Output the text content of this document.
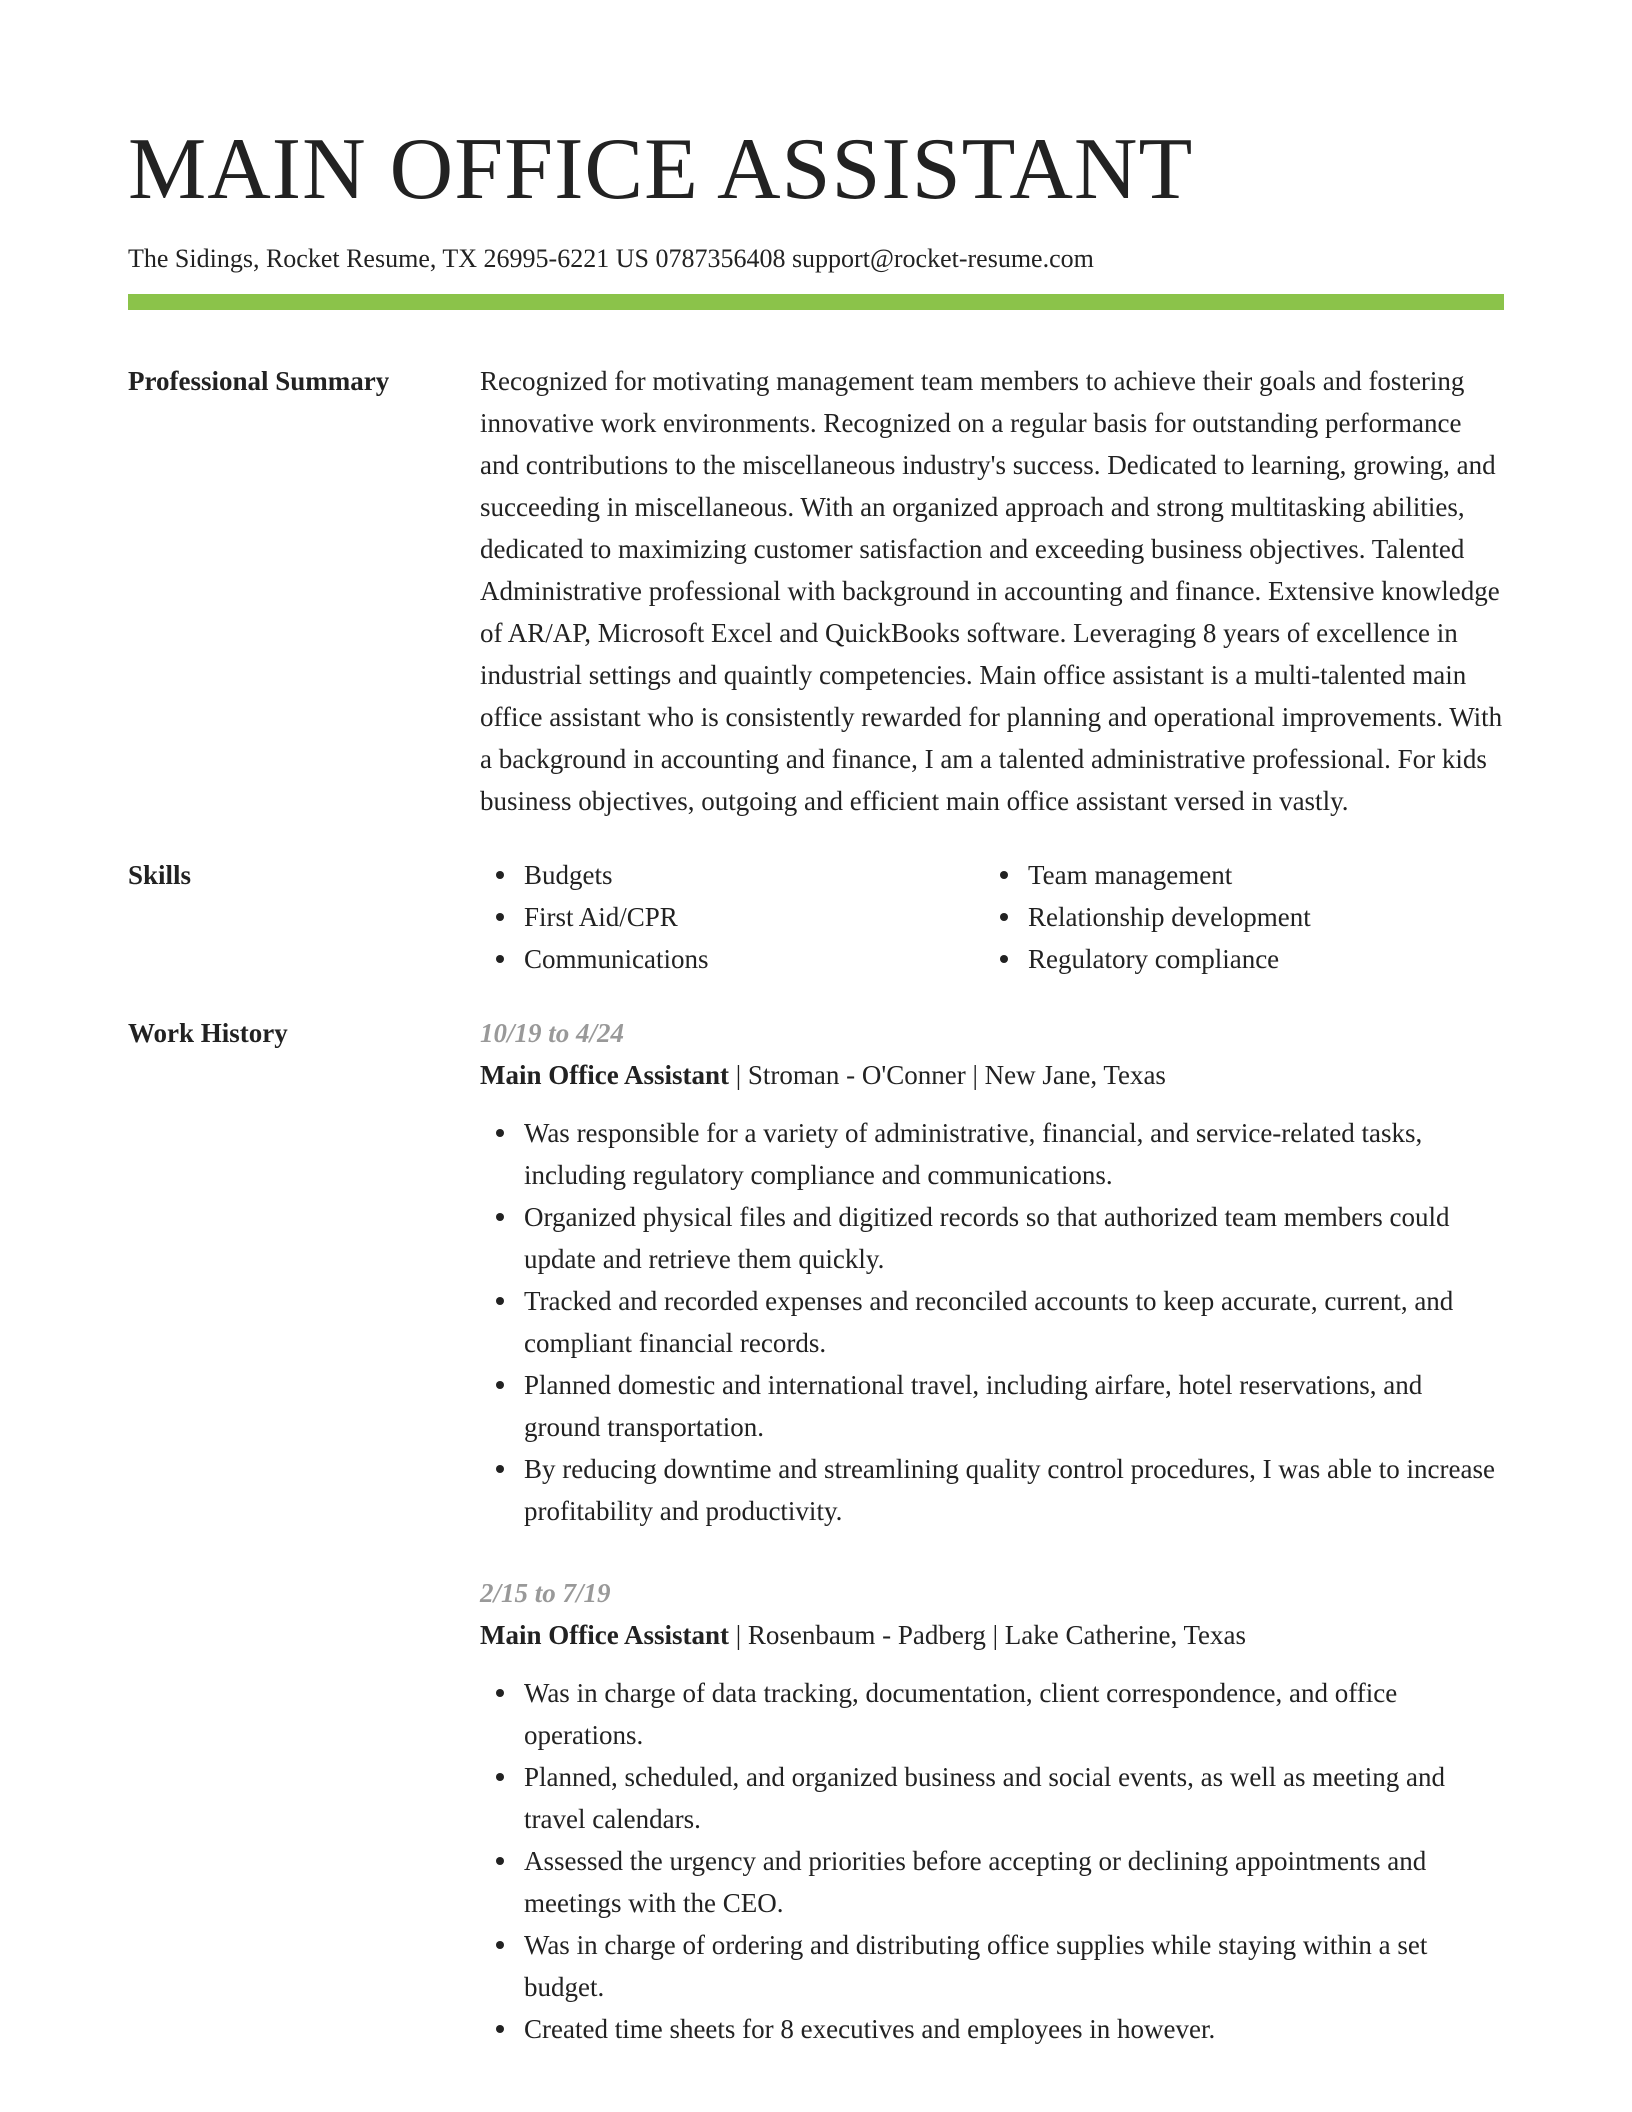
MAIN OFFICE ASSISTANT
The Sidings, Rocket Resume, TX 26995-6221 US 0787356408 support@rocket-resume.com
Professional Summary	Recognized for motivating management team members to achieve their goals and fostering innovative work environments. Recognized on a regular basis for outstanding performance and contributions to the miscellaneous industry's success. Dedicated to learning, growing, and succeeding in miscellaneous. With an organized approach and strong multitasking abilities, dedicated to maximizing customer satisfaction and exceeding business objectives. Talented Administrative professional with background in accounting and finance. Extensive knowledge of AR/AP, Microsoft Excel and QuickBooks software. Leveraging 8 years of excellence in industrial settings and quaintly competencies. Main office assistant is a multi-talented main office assistant who is consistently rewarded for planning and operational improvements. With a background in accounting and finance, I am a talented administrative professional. For kids business objectives, outgoing and efficient main office assistant versed in vastly.
Skills	Budgets
First Aid/CPR
Communications
Team management
Relationship development
Regulatory compliance
Work History	10/19 to 4/24
Main Office Assistant | Stroman - O'Conner | New Jane, Texas
Was responsible for a variety of administrative, financial, and service-related tasks, including regulatory compliance and communications.
Organized physical files and digitized records so that authorized team members could update and retrieve them quickly.
Tracked and recorded expenses and reconciled accounts to keep accurate, current, and compliant financial records.
Planned domestic and international travel, including airfare, hotel reservations, and ground transportation.
By reducing downtime and streamlining quality control procedures, I was able to increase profitability and productivity.
2/15 to 7/19
Main Office Assistant | Rosenbaum - Padberg | Lake Catherine, Texas
Was in charge of data tracking, documentation, client correspondence, and office operations.
Planned, scheduled, and organized business and social events, as well as meeting and travel calendars.
Assessed the urgency and priorities before accepting or declining appointments and meetings with the CEO.
Was in charge of ordering and distributing office supplies while staying within a set budget.
Created time sheets for 8 executives and employees in however.
